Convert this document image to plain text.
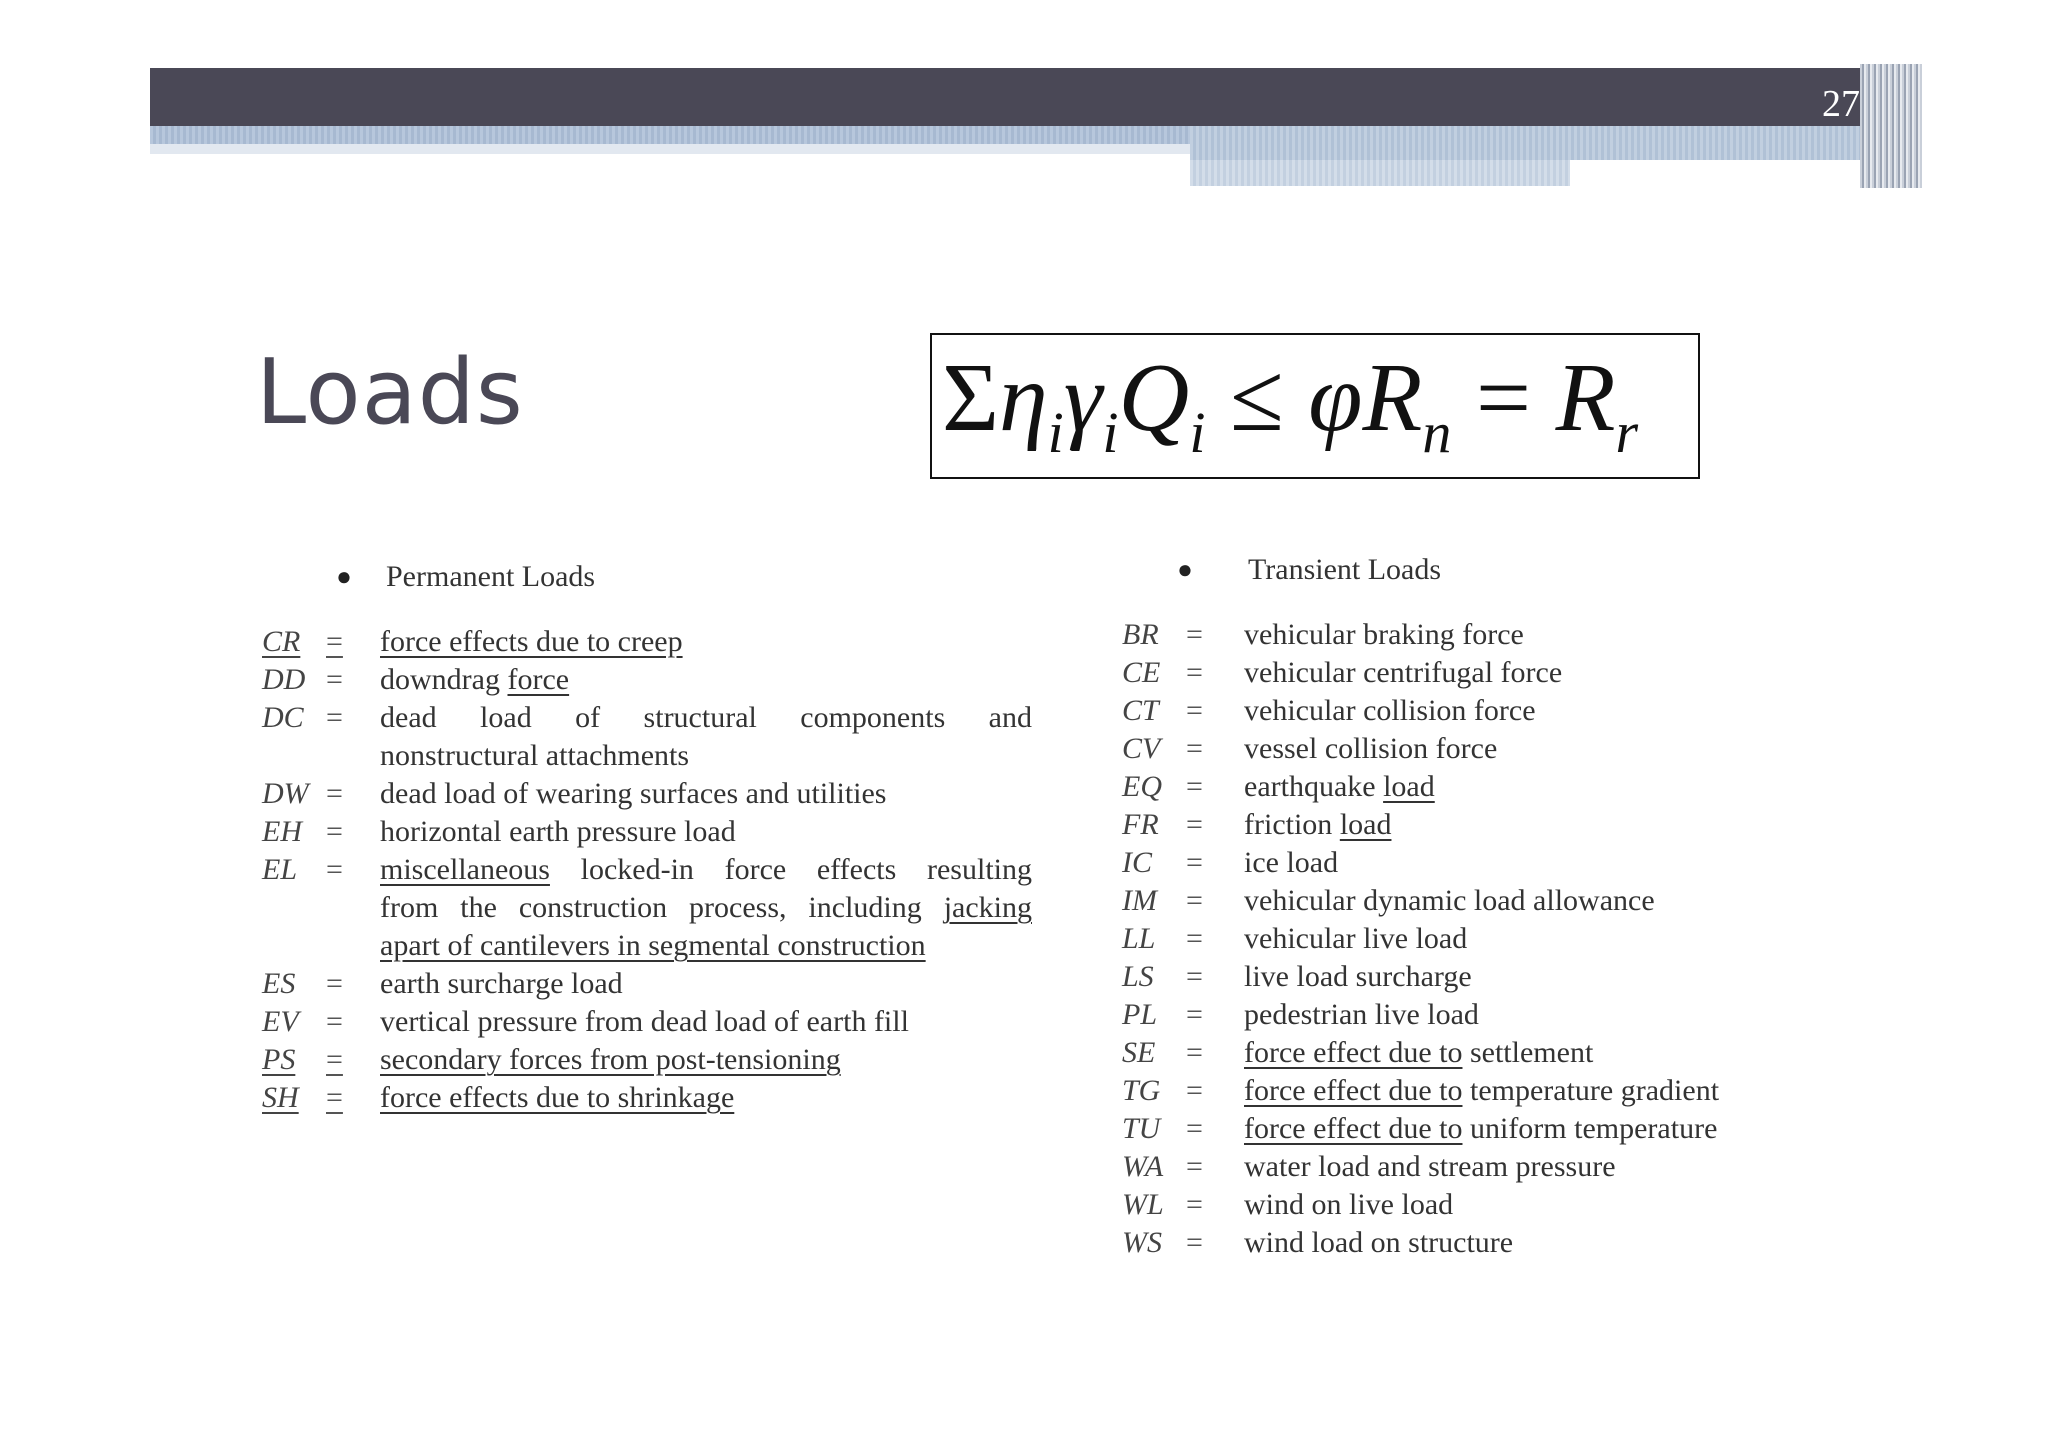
27
Loads	$\Sigma\eta_i\gamma_iQ_i \le \varphi R_n = R_r$
●	Permanent Loads
CR =	force effects due to creep
DD =	downdrag force
DC =	dead load of structural components and
nonstructural attachments
DW =	dead load of wearing surfaces and utilities
EH =	horizontal earth pressure load
EL =	miscellaneous locked-in force effects resulting
from the construction process, including jacking
apart of cantilevers in segmental construction
ES	=	earth surcharge load
EV =	vertical pressure from dead load of earth fill
PS	=	secondary forces from post-tensioning
SH =	force effects due to shrinkage
●	Transient Loads
BR =	vehicular braking force
CE =	vehicular centrifugal force
CT =	vehicular collision force
CV =	vessel collision force
EQ =	earthquake load
FR =	friction load
IC	=	ice load
IM =	vehicular dynamic load allowance
LL	=	vehicular live load
LS	=	live load surcharge
PL =	pedestrian live load
SE	=	force effect due to settlement
TG =	force effect due to temperature gradient
TU =	force effect due to uniform temperature
WA =	water load and stream pressure
WL =	wind on live load
WS =	wind load on structure
